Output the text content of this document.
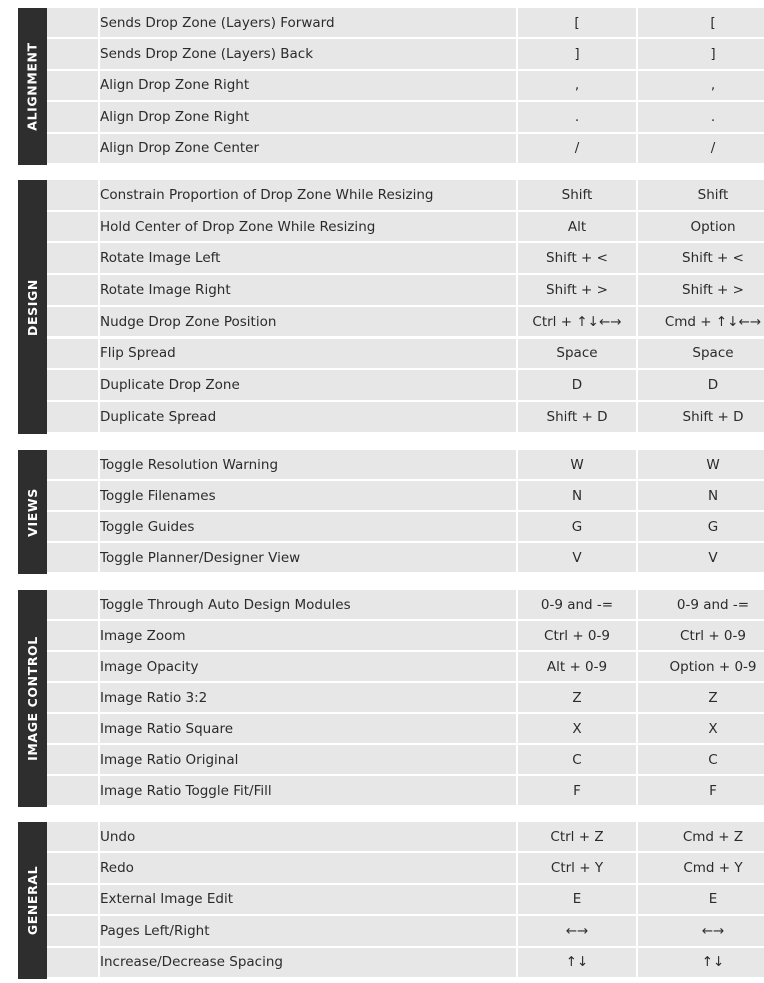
ALIGNMENT
Sends Drop Zone (Layers) Forward	[	[
Sends Drop Zone (Layers) Back	]	]
Align Drop Zone Right	,	,
Align Drop Zone Right	.	.
Align Drop Zone Center	/	/
DESIGN
Constrain Proportion of Drop Zone While Resizing	Shift	Shift
Hold Center of Drop Zone While Resizing	Alt	Option
Rotate Image Left	Shift + <	Shift + <
Rotate Image Right	Shift + >	Shift + >
Nudge Drop Zone Position	Ctrl + ↑↓←→	Cmd + ↑↓←→
Flip Spread	Space	Space
Duplicate Drop Zone	D	D
Duplicate Spread	Shift + D	Shift + D
VIEWS
Toggle Resolution Warning	W	W
Toggle Filenames	N	N
Toggle Guides	G	G
Toggle Planner/Designer View	V	V
IMAGE CONTROL
Toggle Through Auto Design Modules	0-9 and -=	0-9 and -=
Image Zoom	Ctrl + 0-9	Ctrl + 0-9
Image Opacity	Alt + 0-9	Option + 0-9
Image Ratio 3:2	Z	Z
Image Ratio Square	X	X
Image Ratio Original	C	C
Image Ratio Toggle Fit/Fill	F	F
GENERAL
Undo	Ctrl + Z	Cmd + Z
Redo	Ctrl + Y	Cmd + Y
External Image Edit	E	E
Pages Left/Right	←→	←→
Increase/Decrease Spacing	↑↓	↑↓
